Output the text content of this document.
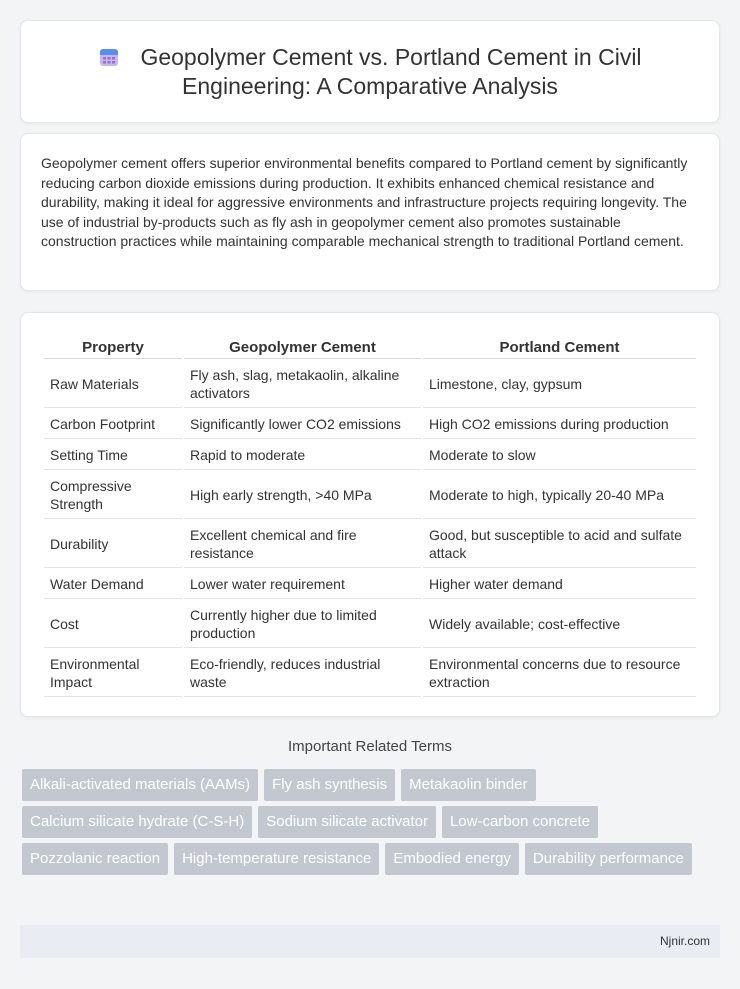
Geopolymer Cement vs. Portland Cement in Civil Engineering: A Comparative Analysis

Geopolymer cement offers superior environmental benefits compared to Portland cement by significantly reducing carbon dioxide emissions during production. It exhibits enhanced chemical resistance and durability, making it ideal for aggressive environments and infrastructure projects requiring longevity. The use of industrial by-products such as fly ash in geopolymer cement also promotes sustainable construction practices while maintaining comparable mechanical strength to traditional Portland cement.

Property	Geopolymer Cement	Portland Cement
Raw Materials	Fly ash, slag, metakaolin, alkaline activators	Limestone, clay, gypsum
Carbon Footprint	Significantly lower CO2 emissions	High CO2 emissions during production
Setting Time	Rapid to moderate	Moderate to slow
Compressive Strength	High early strength, >40 MPa	Moderate to high, typically 20-40 MPa
Durability	Excellent chemical and fire resistance	Good, but susceptible to acid and sulfate attack
Water Demand	Lower water requirement	Higher water demand
Cost	Currently higher due to limited production	Widely available; cost-effective
Environmental Impact	Eco-friendly, reduces industrial waste	Environmental concerns due to resource extraction
Important Related Terms
Alkali-activated materials (AAMs)	Fly ash synthesis	Metakaolin binder
Calcium silicate hydrate (C-S-H)	Sodium silicate activator	Low-carbon concrete
Pozzolanic reaction	High-temperature resistance	Embodied energy	Durability performance
Njnir.com
